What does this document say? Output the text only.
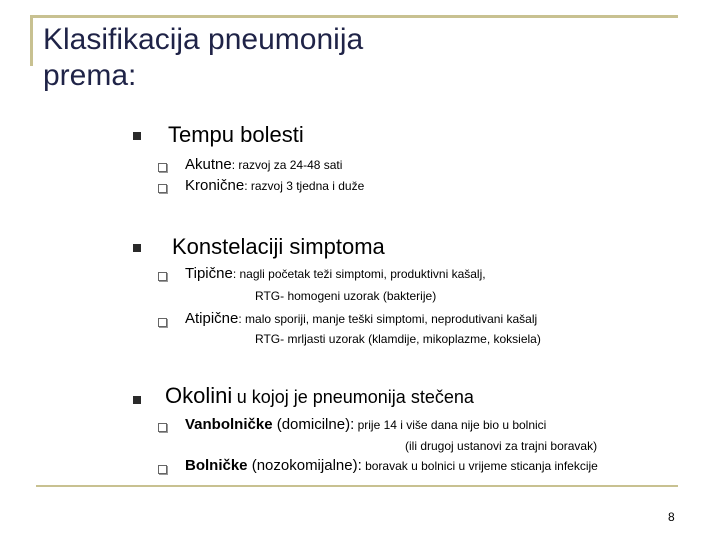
Klasifikacija pneumonija prema:
Tempu bolesti
Akutne: razvoj za 24-48 sati
Kronične: razvoj 3 tjedna i duže
Konstelaciji simptoma
Tipične: nagli početak teži simptomi, produktivni kašalj,
RTG- homogeni uzorak (bakterije)
Atipične: malo sporiji, manje teški simptomi, neprodutivani kašalj
RTG- mrljasti uzorak (klamdije, mikoplazme, koksiela)
Okolini u kojoj je pneumonija stečena
Vanbolničke (domicilne): prije 14 i više dana nije bio u bolnici
(ili drugoj ustanovi za trajni boravak)
Bolničke (nozokomijalne): boravak u bolnici u vrijeme sticanja infekcije
8
